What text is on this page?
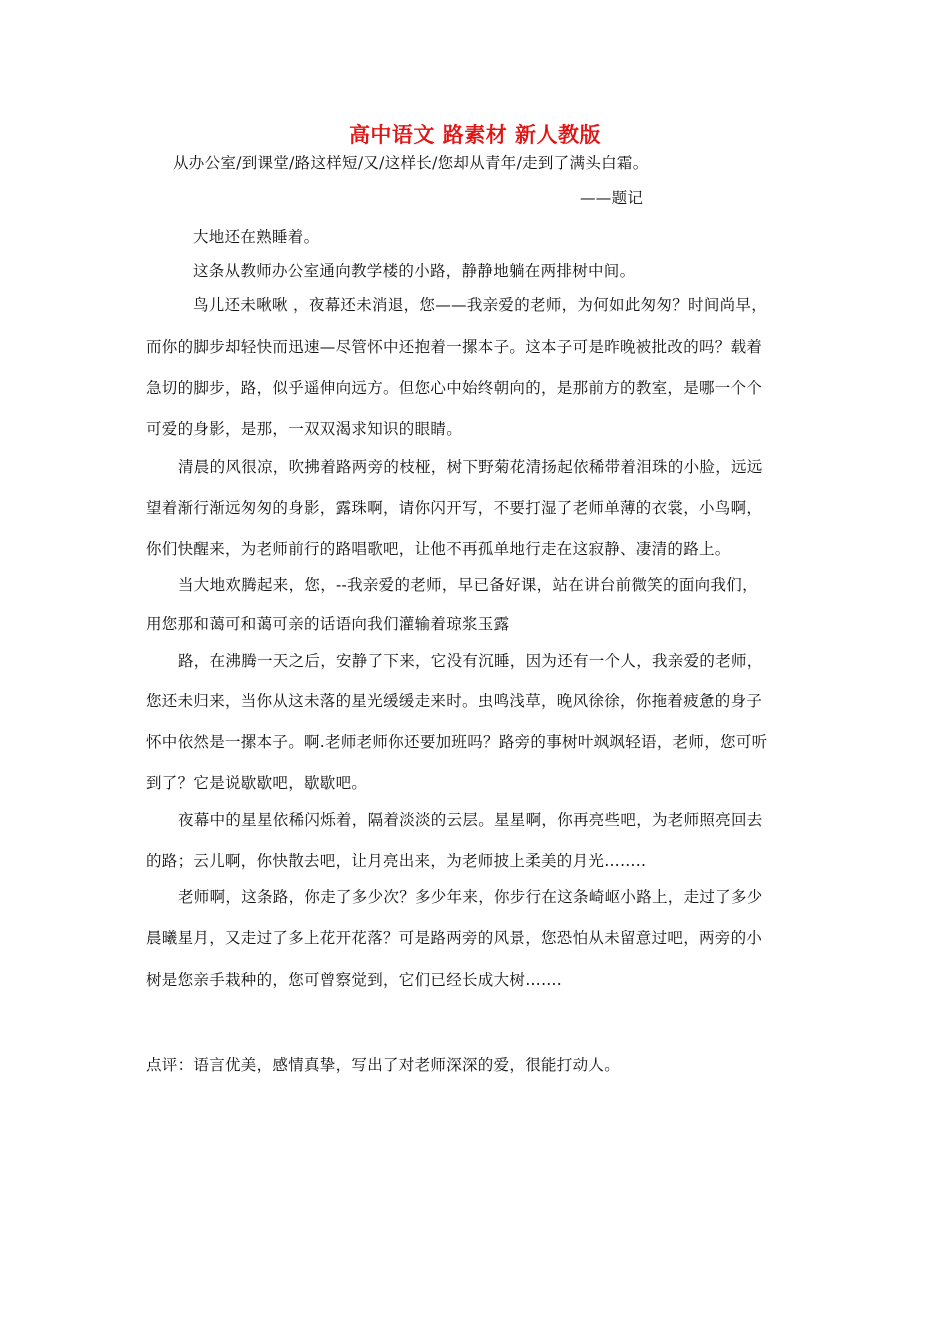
高中语文 路素材 新人教版
从办公室/到课堂/路这样短/又/这样长/您却从青年/走到了满头白霜。
——题记
大地还在熟睡着。
这条从教师办公室通向教学楼的小路，静静地躺在两排树中间。
鸟儿还未啾啾 ，夜幕还未消退，您——我亲爱的老师，为何如此匆匆？时间尚早，
而你的脚步却轻快而迅速—尽管怀中还抱着一摞本子。这本子可是昨晚被批改的吗？载着
急切的脚步，路，似乎遥伸向远方。但您心中始终朝向的，是那前方的教室，是哪一个个
可爱的身影，是那，一双双渴求知识的眼睛。
清晨的风很凉，吹拂着路两旁的枝桠，树下野菊花清扬起依稀带着泪珠的小脸，远远
望着渐行渐远匆匆的身影，露珠啊，请你闪开写，不要打湿了老师单薄的衣裳，小鸟啊，
你们快醒来，为老师前行的路唱歌吧，让他不再孤单地行走在这寂静、凄清的路上。
当大地欢腾起来，您，--我亲爱的老师，早已备好课，站在讲台前微笑的面向我们，
用您那和蔼可和蔼可亲的话语向我们灌输着琼浆玉露
路，在沸腾一天之后，安静了下来，它没有沉睡，因为还有一个人，我亲爱的老师，
您还未归来，当你从这未落的星光缓缓走来时。虫鸣浅草，晚风徐徐，你拖着疲惫的身子
怀中依然是一摞本子。啊.老师老师你还要加班吗？路旁的事树叶飒飒轻语，老师，您可听
到了？它是说歇歇吧，歇歇吧。
夜幕中的星星依稀闪烁着，隔着淡淡的云层。星星啊，你再亮些吧，为老师照亮回去
的路；云儿啊，你快散去吧，让月亮出来，为老师披上柔美的月光……..
老师啊，这条路，你走了多少次？多少年来，你步行在这条崎岖小路上，走过了多少
晨曦星月，又走过了多上花开花落？可是路两旁的风景，您恐怕从未留意过吧，两旁的小
树是您亲手栽种的，您可曾察觉到，它们已经长成大树…….
点评：语言优美，感情真挚，写出了对老师深深的爱，很能打动人。
